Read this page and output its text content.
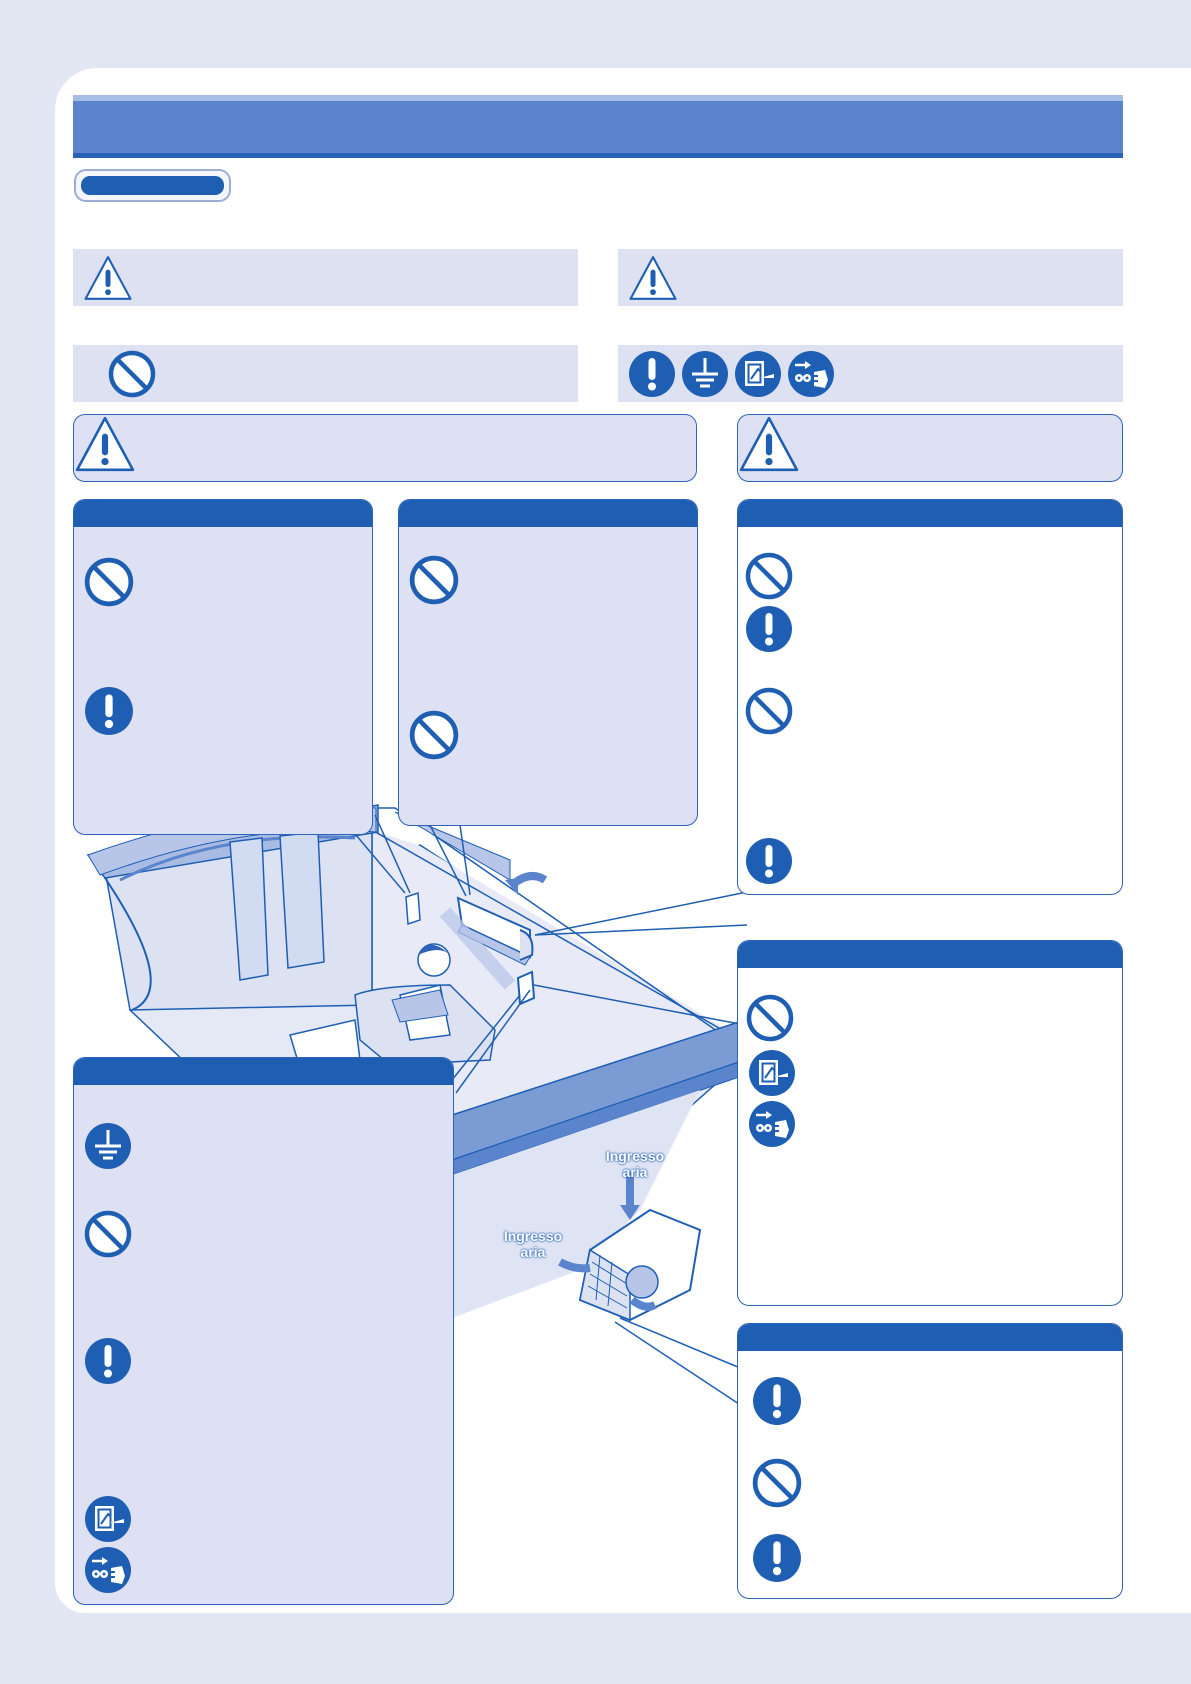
Ingresso aria
Ingresso aria
